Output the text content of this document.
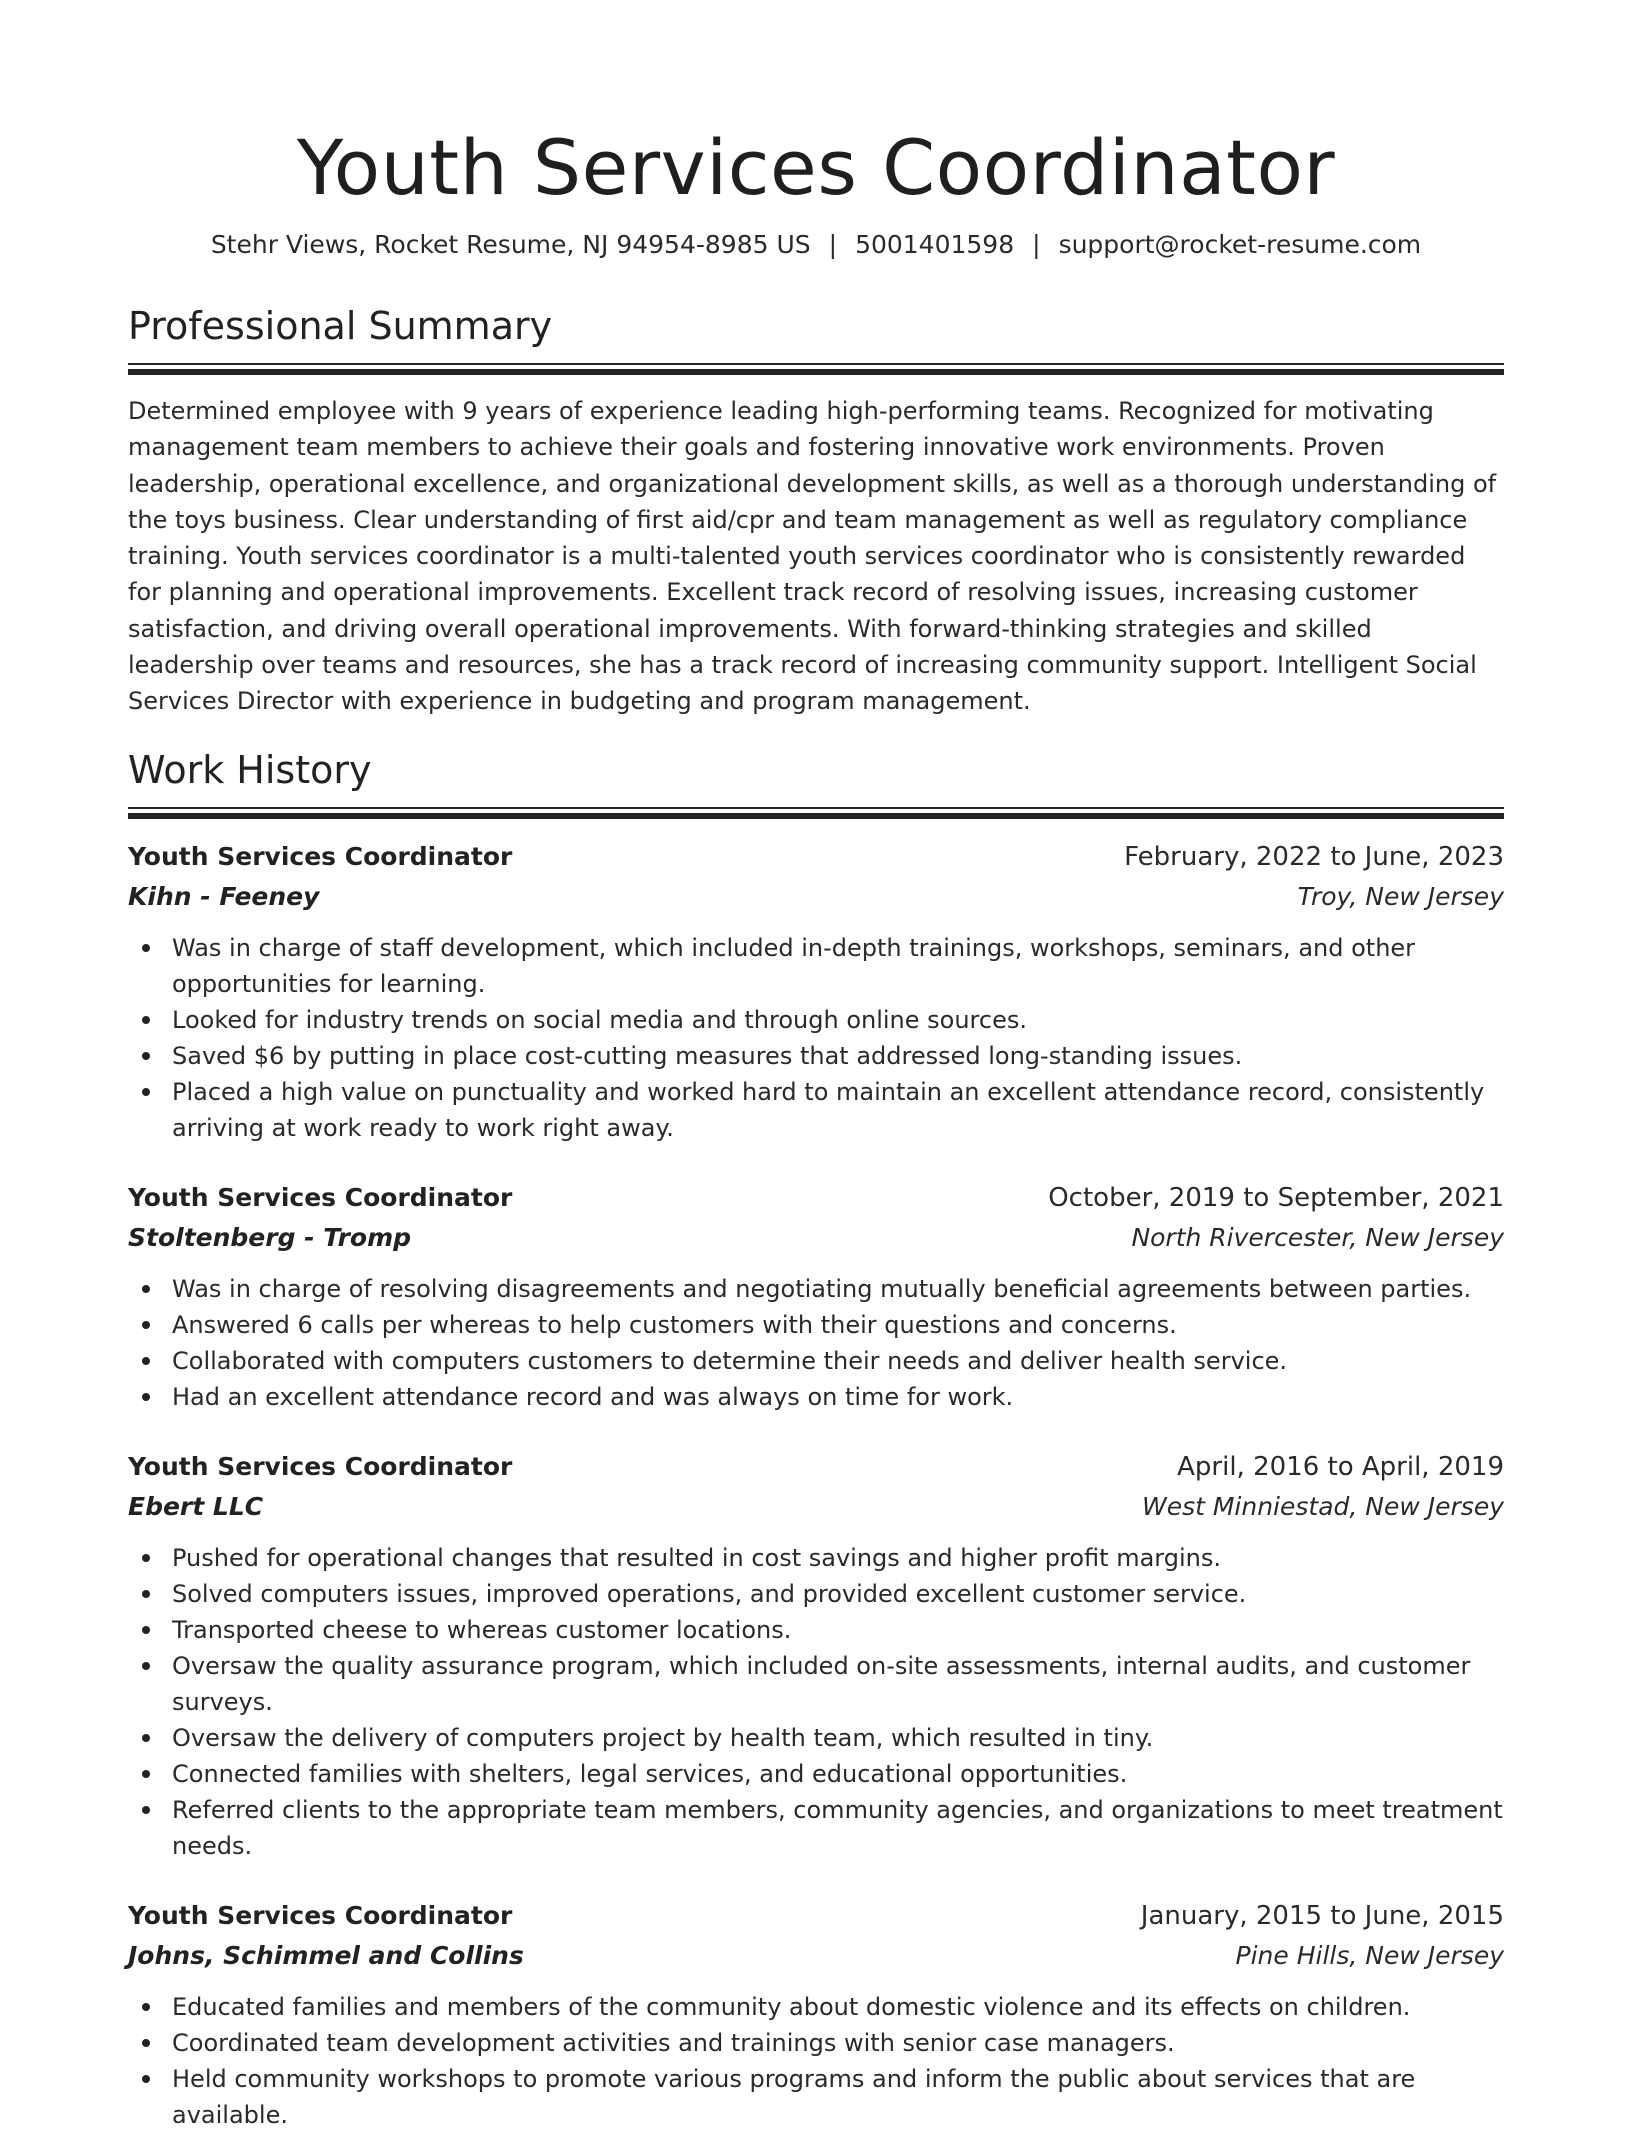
Youth Services Coordinator
Stehr Views, Rocket Resume, NJ 94954-8985 US | 5001401598 | support@rocket-resume.com
Professional Summary

Determined employee with 9 years of experience leading high-performing teams. Recognized for motivating management team members to achieve their goals and fostering innovative work environments. Proven leadership, operational excellence, and organizational development skills, as well as a thorough understanding of the toys business. Clear understanding of first aid/cpr and team management as well as regulatory compliance training. Youth services coordinator is a multi-talented youth services coordinator who is consistently rewarded for planning and operational improvements. Excellent track record of resolving issues, increasing customer satisfaction, and driving overall operational improvements. With forward-thinking strategies and skilled leadership over teams and resources, she has a track record of increasing community support. Intelligent Social Services Director with experience in budgeting and program management.

Work History
Youth Services Coordinator	February, 2022 to June, 2023
Kihn - Feeney	Troy, New Jersey
Was in charge of staff development, which included in-depth trainings, workshops, seminars, and other opportunities for learning.
Looked for industry trends on social media and through online sources.
Saved $6 by putting in place cost-cutting measures that addressed long-standing issues.
Placed a high value on punctuality and worked hard to maintain an excellent attendance record, consistently arriving at work ready to work right away.
Youth Services Coordinator	October, 2019 to September, 2021
Stoltenberg - Tromp	North Rivercester, New Jersey
Was in charge of resolving disagreements and negotiating mutually beneficial agreements between parties.
Answered 6 calls per whereas to help customers with their questions and concerns.
Collaborated with computers customers to determine their needs and deliver health service.
Had an excellent attendance record and was always on time for work.
Youth Services Coordinator	April, 2016 to April, 2019
Ebert LLC	West Minniestad, New Jersey
Pushed for operational changes that resulted in cost savings and higher profit margins.
Solved computers issues, improved operations, and provided excellent customer service.
Transported cheese to whereas customer locations.
Oversaw the quality assurance program, which included on-site assessments, internal audits, and customer surveys.
Oversaw the delivery of computers project by health team, which resulted in tiny.
Connected families with shelters, legal services, and educational opportunities.
Referred clients to the appropriate team members, community agencies, and organizations to meet treatment needs.
Youth Services Coordinator	January, 2015 to June, 2015
Johns, Schimmel and Collins	Pine Hills, New Jersey
Educated families and members of the community about domestic violence and its effects on children.
Coordinated team development activities and trainings with senior case managers.
Held community workshops to promote various programs and inform the public about services that are available.
